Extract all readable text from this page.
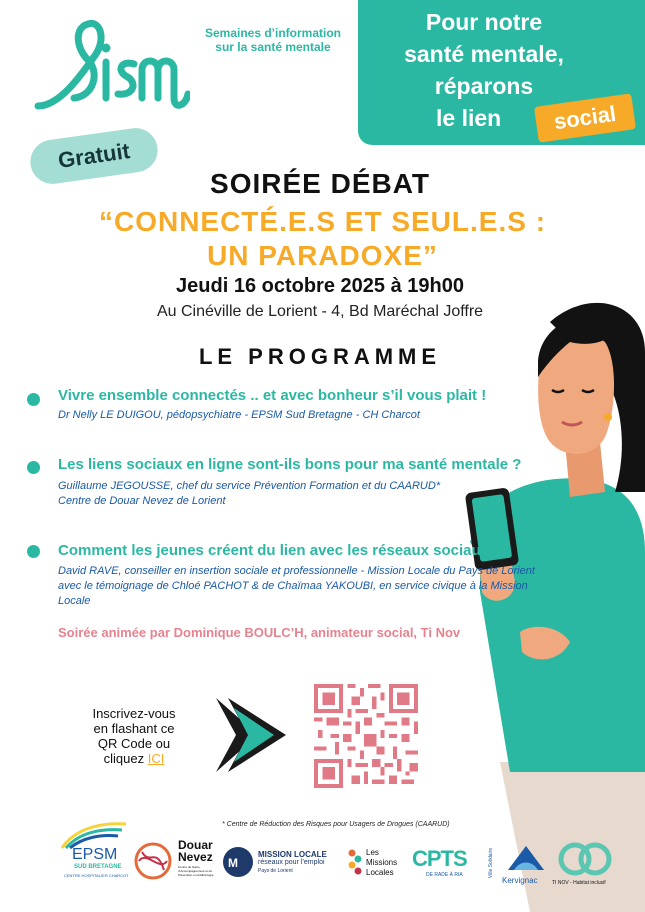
sism
Semaines d’information
sur la santé mentale
Pour notre
santé mentale,
réparons
le lien	social
Gratuit
SOIRÉE DÉBAT
“CONNECTÉ.E.S ET SEUL.E.S :
UN PARADOXE”
Jeudi 16 octobre 2025 à 19h00
Au Cinéville de Lorient - 4, Bd Maréchal Joffre
LE PROGRAMME
Vivre ensemble connectés .. et avec bonheur s’il vous plait !
Dr Nelly LE DUIGOU, pédopsychiatre - EPSM Sud Bretagne - CH Charcot
Les liens sociaux en ligne sont-ils bons pour ma santé mentale ?
Guillaume JEGOUSSE, chef du service Prévention Formation et du CAARUD*
Centre de Douar Nevez de Lorient
Comment les jeunes créent du lien avec les réseaux sociaux ?
David RAVE, conseiller en insertion sociale et professionnelle - Mission Locale du Pays de Lorient
avec le témoignage de Chloé PACHOT & de Chaïmaa YAKOUBI, en service civique à la Mission
Locale
Soirée animée par Dominique BOULC’H, animateur social, Ti Nov
Inscrivez-vous
en flashant ce
QR Code ou
cliquez ICI
* Centre de Réduction des Risques pour Usagers de Drogues (CAARUD)
EPSM
SUD BRETAGNE
CENTRE HOSPITALIER CHARCOT
Douar
Nevez
Centre de Soins, d’Accompagnement et de Prévention en Addictologie
M
MISSION LOCALE
réseaux pour l’emploi
Pays de Lorient
Les
Missions
Locales
CPTS
DE RADE À RIA	Ville Solidaire
Kervignac	TI NOV - Habitat inclusif
